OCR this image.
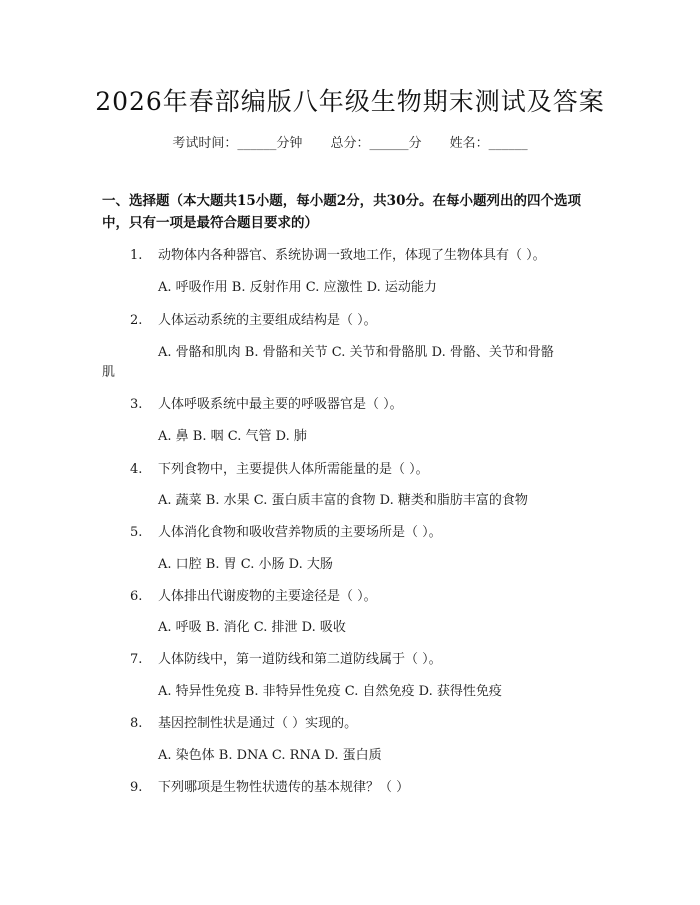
2026年春部编版八年级生物期末测试及答案
考试时间：______分钟 总分：______分 姓名：______
一、选择题（本大题共15小题，每小题2分，共30分。在每小题列出的四个选项中，只有一项是最符合题目要求的）
1. 动物体内各种器官、系统协调一致地工作，体现了生物体具有（ ）。
A. 呼吸作用 B. 反射作用 C. 应激性 D. 运动能力
2. 人体运动系统的主要组成结构是（ ）。
A. 骨骼和肌肉 B. 骨骼和关节 C. 关节和骨骼肌 D. 骨骼、关节和骨骼
肌
3. 人体呼吸系统中最主要的呼吸器官是（ ）。
A. 鼻 B. 咽 C. 气管 D. 肺
4. 下列食物中，主要提供人体所需能量的是（ ）。
A. 蔬菜 B. 水果 C. 蛋白质丰富的食物 D. 糖类和脂肪丰富的食物
5. 人体消化食物和吸收营养物质的主要场所是（ ）。
A. 口腔 B. 胃 C. 小肠 D. 大肠
6. 人体排出代谢废物的主要途径是（ ）。
A. 呼吸 B. 消化 C. 排泄 D. 吸收
7. 人体防线中，第一道防线和第二道防线属于（ ）。
A. 特异性免疫 B. 非特异性免疫 C. 自然免疫 D. 获得性免疫
8. 基因控制性状是通过（ ）实现的。
A. 染色体 B. DNA C. RNA D. 蛋白质
9. 下列哪项是生物性状遗传的基本规律？（ ）
